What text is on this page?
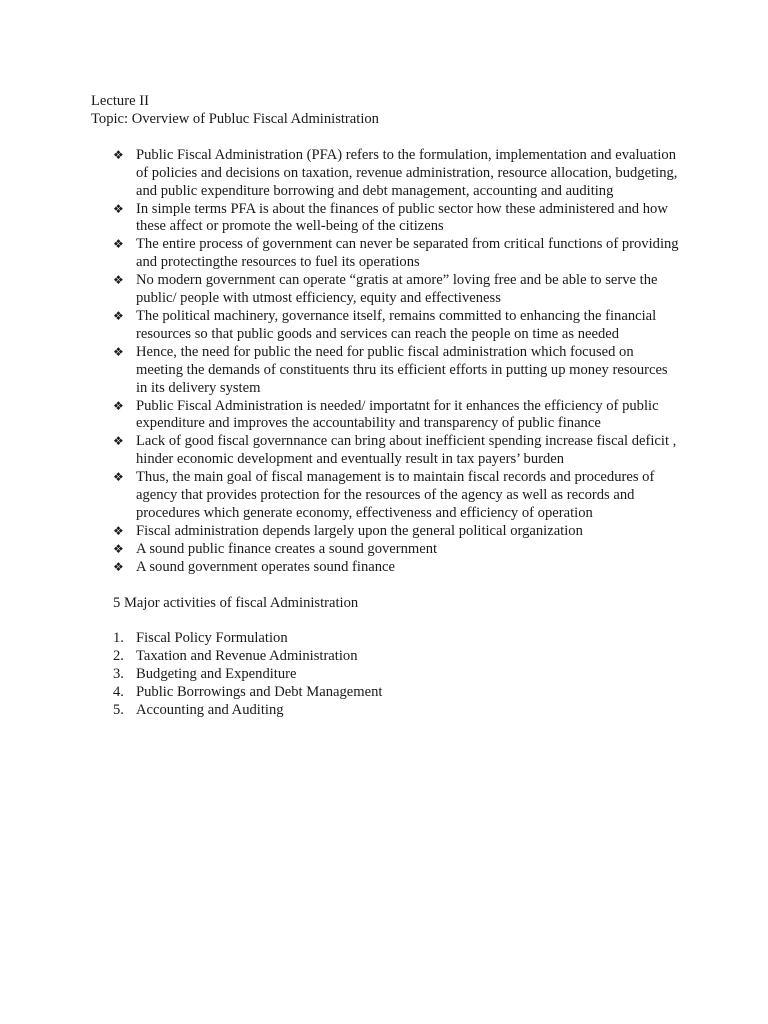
Lecture II

Topic: Overview of Publuc Fiscal Administration

❖ Public Fiscal Administration (PFA) refers to the formulation, implementation and evaluation of policies and decisions on taxation, revenue administration, resource allocation, budgeting, and public expenditure borrowing and debt management, accounting and auditing
❖ In simple terms PFA is about the finances of public sector how these administered and how these affect or promote the well-being of the citizens
❖ The entire process of government can never be separated from critical functions of providing and protectingthe resources to fuel its operations
❖ No modern government can operate “gratis at amore” loving free and be able to serve the public/ people with utmost efficiency, equity and effectiveness
❖ The political machinery, governance itself, remains committed to enhancing the financial resources so that public goods and services can reach the people on time as needed
❖ Hence, the need for public the need for public fiscal administration which focused on meeting the demands of constituents thru its efficient efforts in putting up money resources in its delivery system
❖ Public Fiscal Administration is needed/ importatnt for it enhances the efficiency of public expenditure and improves the accountability and transparency of public finance
❖ Lack of good fiscal governnance can bring about inefficient spending increase fiscal deficit , hinder economic development and eventually result in tax payers’ burden
❖ Thus, the main goal of fiscal management is to maintain fiscal records and procedures of agency that provides protection for the resources of the agency as well as records and procedures which generate economy, effectiveness and efficiency of operation
❖ Fiscal administration depends largely upon the general political organization
❖ A sound public finance creates a sound government
❖ A sound government operates sound finance

5 Major activities of fiscal Administration

1. Fiscal Policy Formulation
2. Taxation and Revenue Administration
3. Budgeting and Expenditure
4. Public Borrowings and Debt Management
5. Accounting and Auditing
